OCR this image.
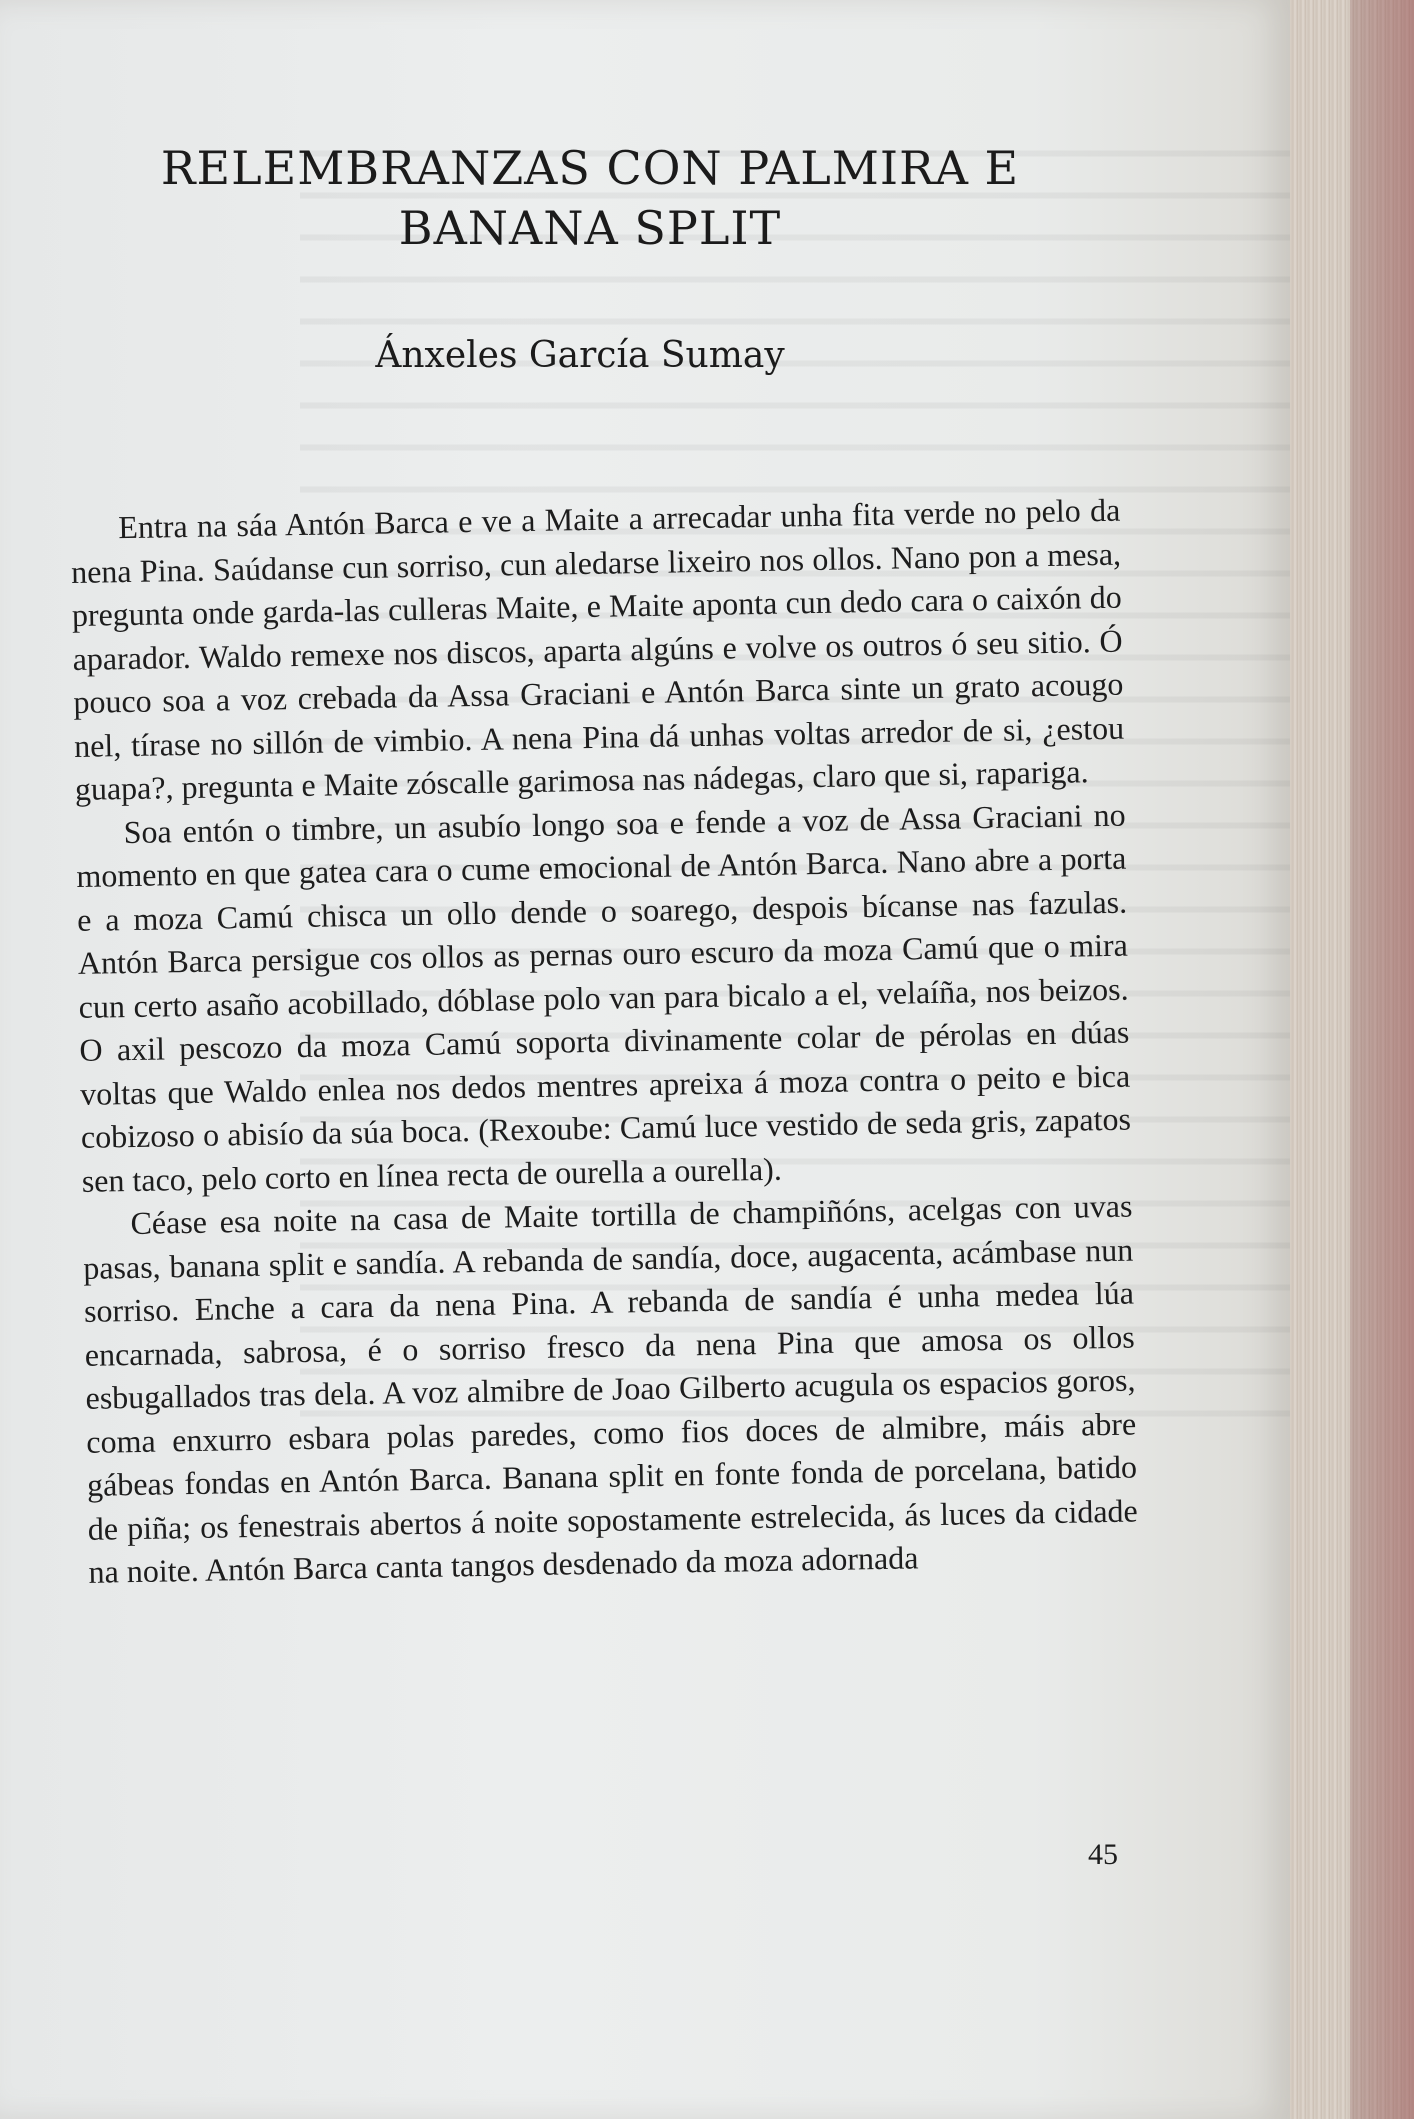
RELEMBRANZAS CON PALMIRA E
BANANA SPLIT
Ánxeles García Sumay

Entra na sáa Antón Barca e ve a Maite a arrecadar unha fita verde no pelo da nena Pina. Saúdanse cun sorriso, cun aledarse lixeiro nos ollos. Nano pon a mesa, pregunta onde garda-las culleras Maite, e Maite aponta cun dedo cara o caixón do aparador. Waldo remexe nos discos, aparta algúns e volve os outros ó seu sitio. Ó pouco soa a voz crebada da Assa Graciani e Antón Barca sinte un grato acougo nel, tírase no sillón de vimbio. A nena Pina dá unhas voltas arredor de si, ¿estou guapa?, pregunta e Maite zóscalle garimosa nas nádegas, claro que si, rapariga.

Soa entón o timbre, un asubío longo soa e fende a voz de Assa Graciani no momento en que gatea cara o cume emocional de Antón Barca. Nano abre a porta e a moza Camú chisca un ollo dende o soarego, despois bícanse nas fazulas. Antón Barca persigue cos ollos as pernas ouro escuro da moza Camú que o mira cun certo asaño acobillado, dóblase polo van para bicalo a el, velaíña, nos beizos. O axil pescozo da moza Camú soporta divinamente colar de pérolas en dúas voltas que Waldo enlea nos dedos mentres apreixa á moza contra o peito e bica cobizoso o abisío da súa boca. (Rexoube: Camú luce vestido de seda gris, zapatos sen taco, pelo corto en línea recta de ourella a ourella).

Céase esa noite na casa de Maite tortilla de champiñóns, acelgas con uvas pasas, banana split e sandía. A rebanda de sandía, doce, augacenta, acámbase nun sorriso. Enche a cara da nena Pina. A rebanda de sandía é unha medea lúa encarnada, sabrosa, é o sorriso fresco da nena Pina que amosa os ollos esbugallados tras dela. A voz almibre de Joao Gilberto acugula os espacios goros, coma enxurro esbara polas paredes, como fios doces de almibre, máis abre gábeas fondas en Antón Barca. Banana split en fonte fonda de porcelana, batido de piña; os fenestrais abertos á noite sopostamente estrelecida, ás luces da cidade na noite. Antón Barca canta tangos desdenado da moza adornada

45
